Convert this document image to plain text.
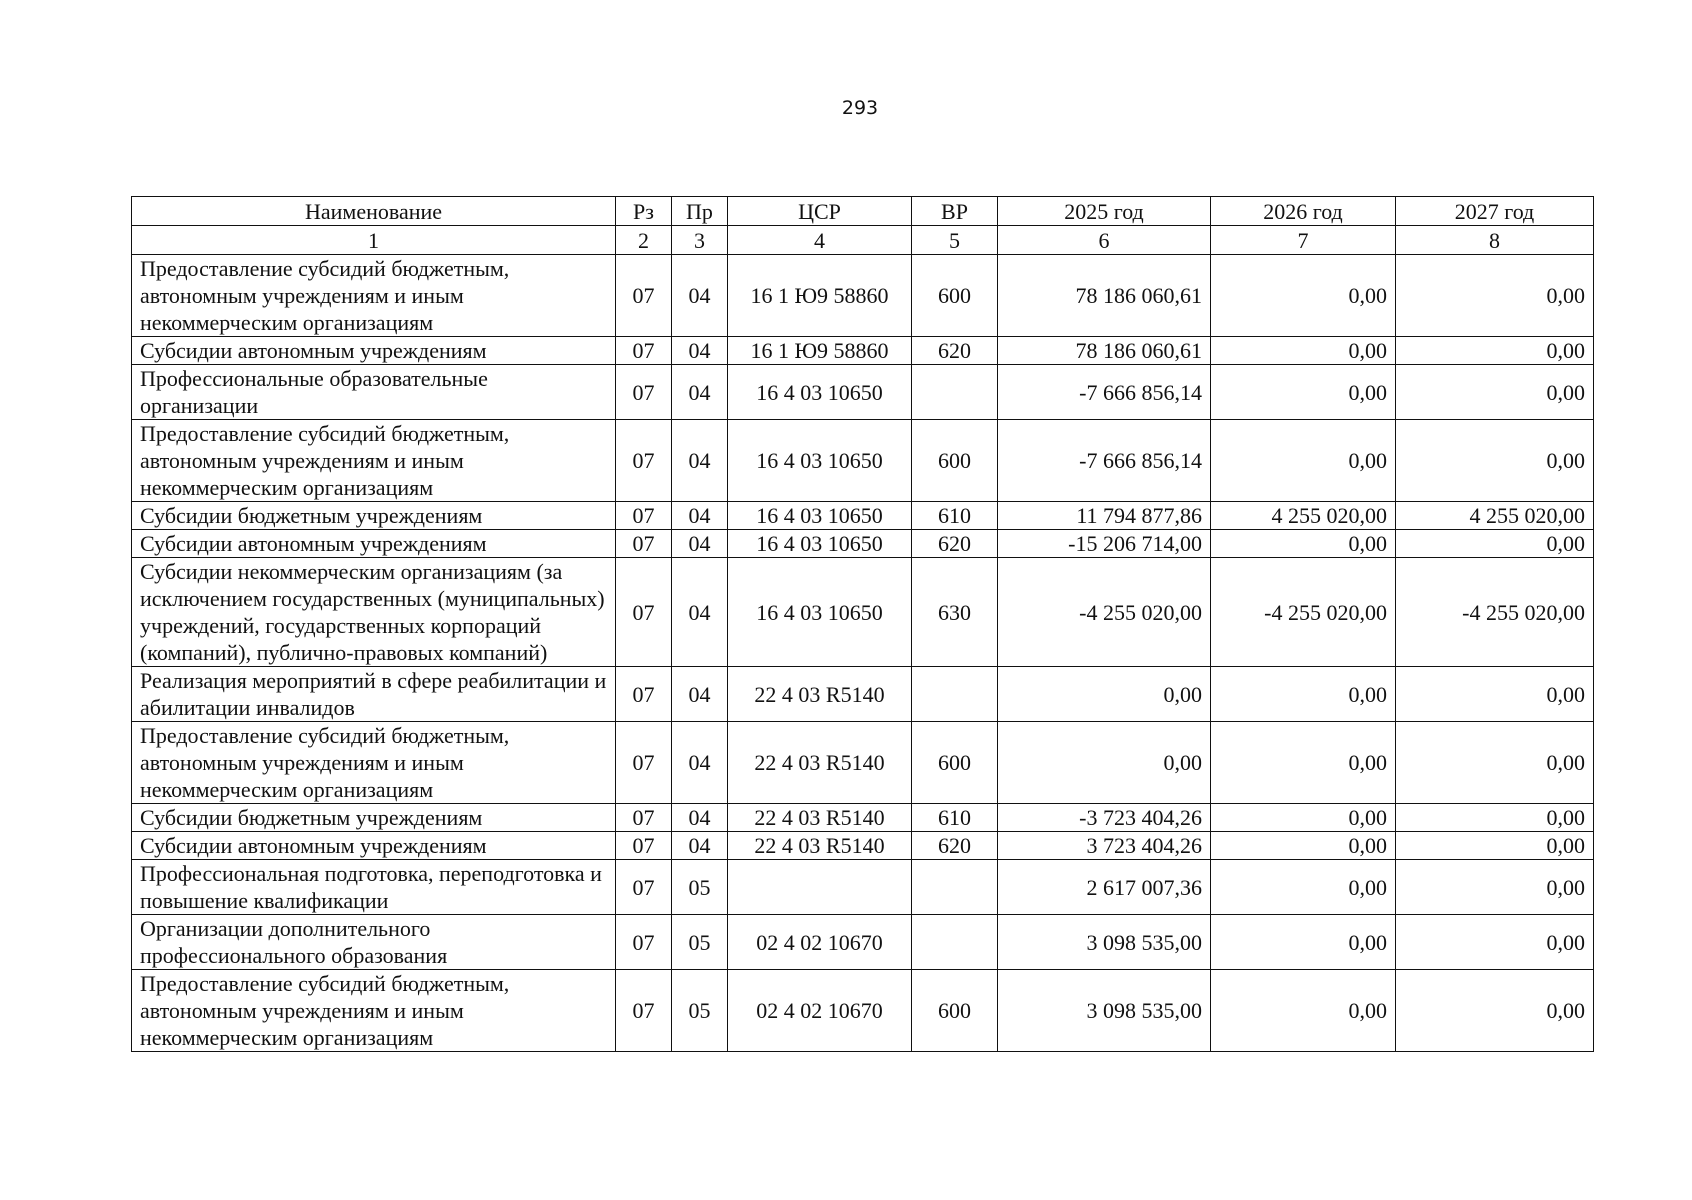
293
Наименование	Рз	Пр	ЦСР	ВР	2025 год	2026 год	2027 год
1	2	3	4	5	6	7	8
Предоставление субсидий бюджетным, автономным учреждениям и иным некоммерческим организациям	07	04	16 1 Ю9 58860	600	78 186 060,61	0,00	0,00
Субсидии автономным учреждениям	07	04	16 1 Ю9 58860	620	78 186 060,61	0,00	0,00
Профессиональные образовательные организации	07	04	16 4 03 10650		-7 666 856,14	0,00	0,00
Предоставление субсидий бюджетным, автономным учреждениям и иным некоммерческим организациям	07	04	16 4 03 10650	600	-7 666 856,14	0,00	0,00
Субсидии бюджетным учреждениям	07	04	16 4 03 10650	610	11 794 877,86	4 255 020,00	4 255 020,00
Субсидии автономным учреждениям	07	04	16 4 03 10650	620	-15 206 714,00	0,00	0,00
Субсидии некоммерческим организациям (за исключением государственных (муниципальных) учреждений, государственных корпораций (компаний), публично-правовых компаний)	07	04	16 4 03 10650	630	-4 255 020,00	-4 255 020,00	-4 255 020,00
Реализация мероприятий в сфере реабилитации и абилитации инвалидов	07	04	22 4 03 R5140		0,00	0,00	0,00
Предоставление субсидий бюджетным, автономным учреждениям и иным некоммерческим организациям	07	04	22 4 03 R5140	600	0,00	0,00	0,00
Субсидии бюджетным учреждениям	07	04	22 4 03 R5140	610	-3 723 404,26	0,00	0,00
Субсидии автономным учреждениям	07	04	22 4 03 R5140	620	3 723 404,26	0,00	0,00
Профессиональная подготовка, переподготовка и повышение квалификации	07	05			2 617 007,36	0,00	0,00
Организации дополнительного профессионального образования	07	05	02 4 02 10670		3 098 535,00	0,00	0,00
Предоставление субсидий бюджетным, автономным учреждениям и иным некоммерческим организациям	07	05	02 4 02 10670	600	3 098 535,00	0,00	0,00
